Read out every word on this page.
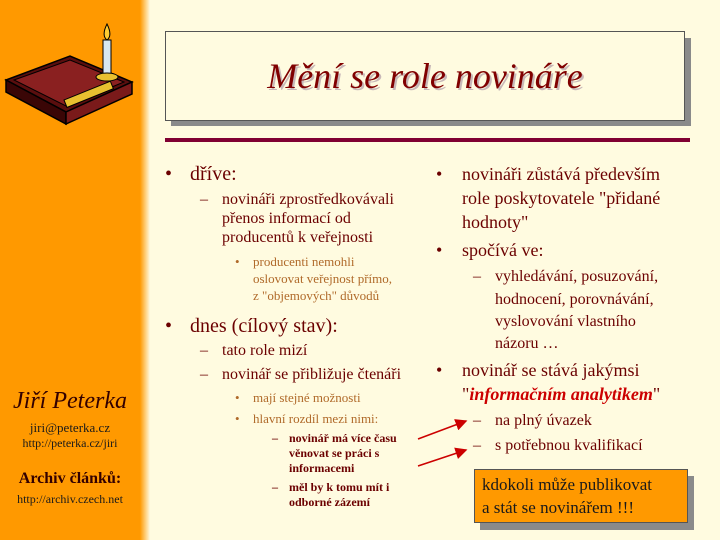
Jiří Peterka
jiri@peterka.cz
http://peterka.cz/jiri
Archiv článků:
http://archiv.czech.net
Mění se role novináře
• dříve:
– novináři zprostředkovávali
přenos informací od
producentů k veřejnosti
• producenti nemohli
oslovovat veřejnost přímo,
z "objemových" důvodů
• dnes (cílový stav):
– tato role mizí
– novinář se přibližuje čtenáři
• mají stejné možnosti
• hlavní rozdíl mezi nimi:
– novinář má více času
věnovat se práci s
informacemi
– měl by k tomu mít i
odborné zázemí
• novináři zůstává především
role poskytovatele "přidané
hodnoty"
• spočívá ve:
– vyhledávání, posuzování,
hodnocení, porovnávání,
vyslovování vlastního
názoru …
• novinář se stává jakýmsi
"informačním analytikem"
– na plný úvazek
– s potřebnou kvalifikací
kdokoli může publikovat
a stát se novinářem !!!
